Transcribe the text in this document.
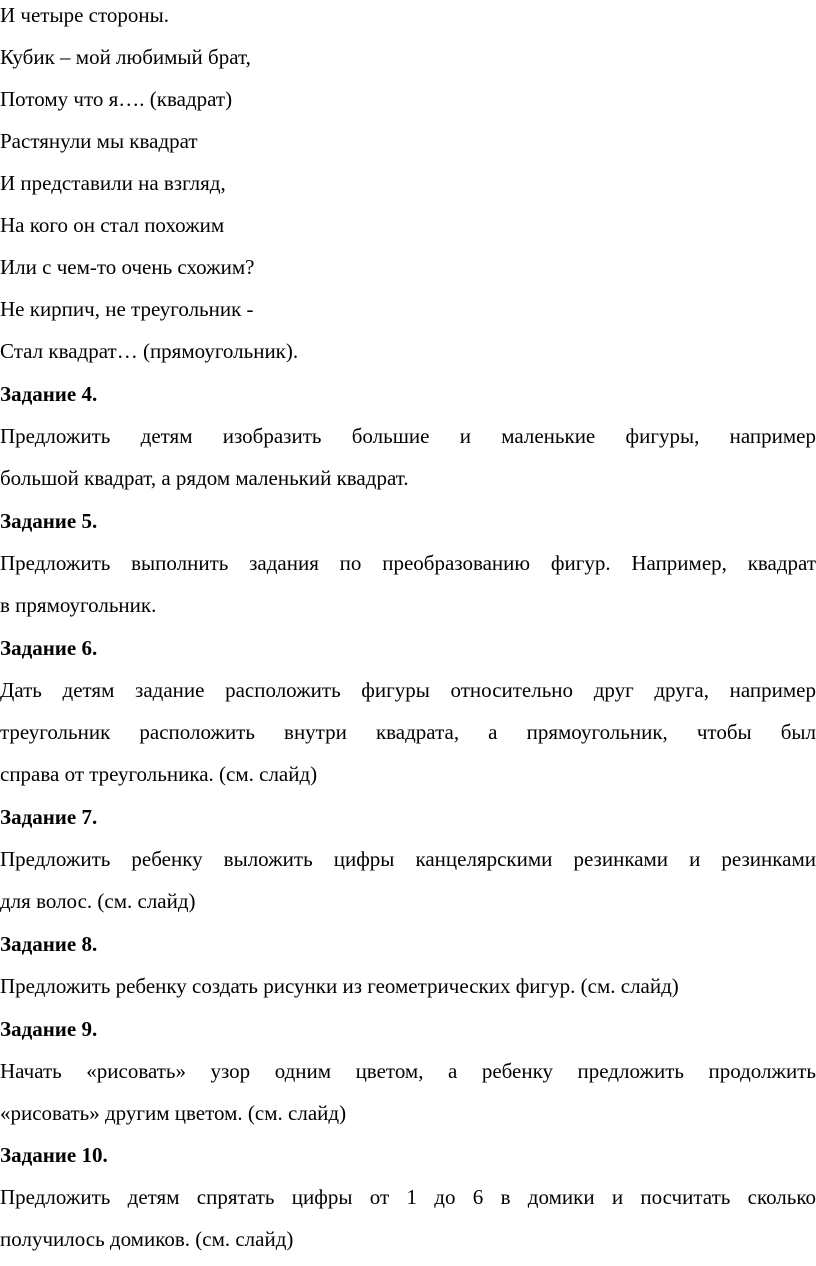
И четыре стороны.
Кубик – мой любимый брат,
Потому что я…. (квадрат)
Растянули мы квадрат
И представили на взгляд,
На кого он стал похожим
Или с чем-то очень схожим?
Не кирпич, не треугольник -
Стал квадрат… (прямоугольник).
Задание 4.
Предложить детям изобразить большие и маленькие фигуры, например
большой квадрат, а рядом маленький квадрат.
Задание 5.
Предложить выполнить задания по преобразованию фигур. Например, квадрат
в прямоугольник.
Задание 6.
Дать детям задание расположить фигуры относительно друг друга, например
треугольник расположить внутри квадрата, а прямоугольник, чтобы был
справа от треугольника. (см. слайд)
Задание 7.
Предложить ребенку выложить цифры канцелярскими резинками и резинками
для волос. (см. слайд)
Задание 8.
Предложить ребенку создать рисунки из геометрических фигур. (см. слайд)
Задание 9.
Начать «рисовать» узор одним цветом, а ребенку предложить продолжить
«рисовать» другим цветом. (см. слайд)
Задание 10.
Предложить детям спрятать цифры от 1 до 6 в домики и посчитать сколько
получилось домиков. (см. слайд)
